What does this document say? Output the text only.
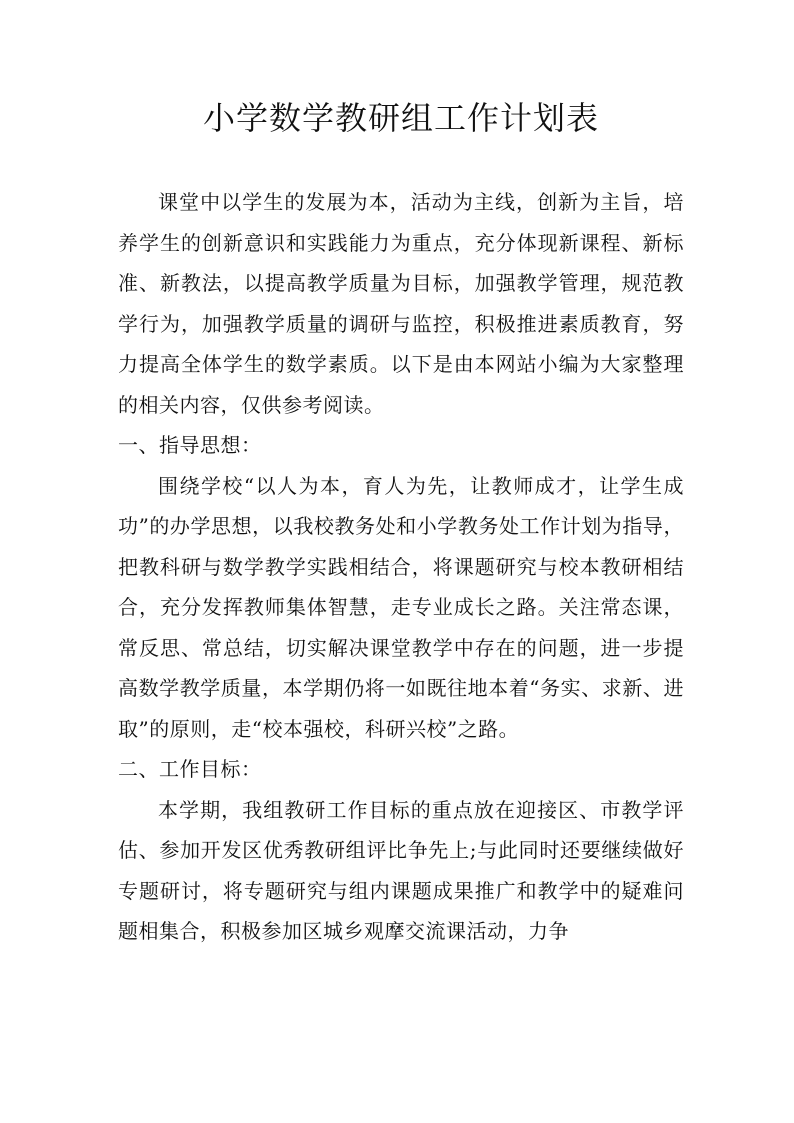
小学数学教研组工作计划表

课堂中以学生的发展为本，活动为主线，创新为主旨，培养学生的创新意识和实践能力为重点，充分体现新课程、新标准、新教法，以提高教学质量为目标，加强教学管理，规范教学行为，加强教学质量的调研与监控，积极推进素质教育，努力提高全体学生的数学素质。以下是由本网站小编为大家整理的相关内容，仅供参考阅读。

一、指导思想：

围绕学校“以人为本，育人为先，让教师成才，让学生成功”的办学思想，以我校教务处和小学教务处工作计划为指导，把教科研与数学教学实践相结合，将课题研究与校本教研相结合，充分发挥教师集体智慧，走专业成长之路。关注常态课，常反思、常总结，切实解决课堂教学中存在的问题，进一步提高数学教学质量，本学期仍将一如既往地本着“务实、求新、进取”的原则，走“校本强校，科研兴校”之路。

二、工作目标：

本学期，我组教研工作目标的重点放在迎接区、市教学评估、参加开发区优秀教研组评比争先上;与此同时还要继续做好专题研讨，将专题研究与组内课题成果推广和教学中的疑难问题相集合，积极参加区城乡观摩交流课活动，力争
